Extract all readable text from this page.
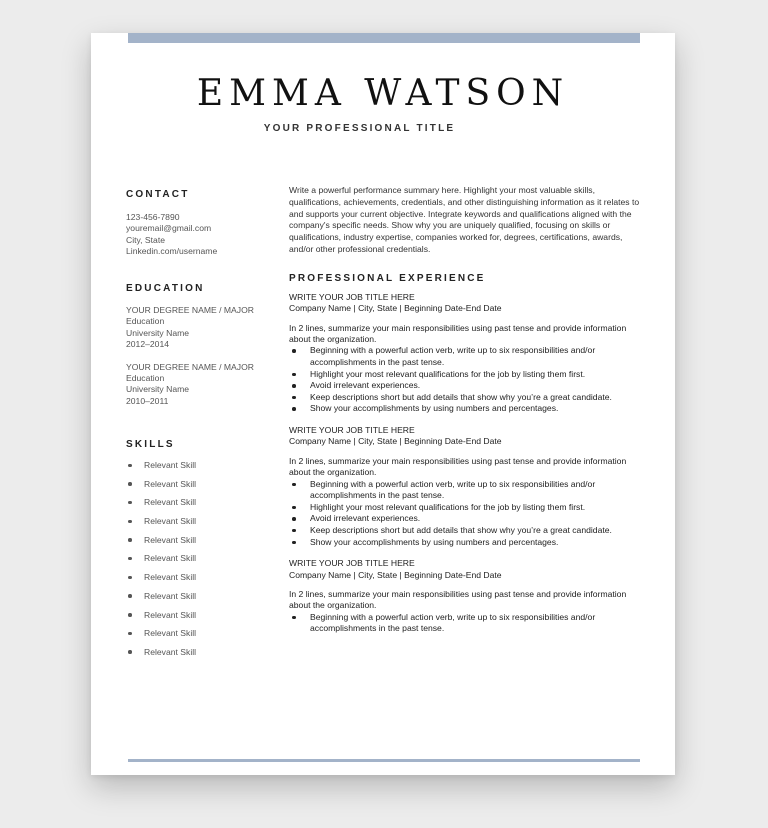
EMMA WATSON
YOUR PROFESSIONAL TITLE
CONTACT
123-456-7890
youremail@gmail.com
City, State
Linkedin.com/username
EDUCATION
YOUR DEGREE NAME / MAJOR
Education
University Name
2012–2014
YOUR DEGREE NAME / MAJOR
Education
University Name
2010–2011
SKILLS
Relevant Skill
Relevant Skill
Relevant Skill
Relevant Skill
Relevant Skill
Relevant Skill
Relevant Skill
Relevant Skill
Relevant Skill
Relevant Skill
Relevant Skill

Write a powerful performance summary here. Highlight your most valuable skills, qualifications, achievements, credentials, and other distinguishing information as it relates to and supports your current objective. Integrate keywords and qualifications aligned with the company's specific needs. Show why you are uniquely qualified, focusing on skills or qualifications, industry expertise, companies worked for, degrees, certifications, awards, and/or other professional credentials.

PROFESSIONAL EXPERIENCE
WRITE YOUR JOB TITLE HERE
Company Name | City, State | Beginning Date-End Date
In 2 lines, summarize your main responsibilities using past tense and provide information about the organization.
Beginning with a powerful action verb, write up to six responsibilities and/or accomplishments in the past tense.
Highlight your most relevant qualifications for the job by listing them first.
Avoid irrelevant experiences.
Keep descriptions short but add details that show why you’re a great candidate.
Show your accomplishments by using numbers and percentages.
WRITE YOUR JOB TITLE HERE
Company Name | City, State | Beginning Date-End Date
In 2 lines, summarize your main responsibilities using past tense and provide information about the organization.
Beginning with a powerful action verb, write up to six responsibilities and/or accomplishments in the past tense.
Highlight your most relevant qualifications for the job by listing them first.
Avoid irrelevant experiences.
Keep descriptions short but add details that show why you’re a great candidate.
Show your accomplishments by using numbers and percentages.
WRITE YOUR JOB TITLE HERE
Company Name | City, State | Beginning Date-End Date
In 2 lines, summarize your main responsibilities using past tense and provide information about the organization.
Beginning with a powerful action verb, write up to six responsibilities and/or accomplishments in the past tense.
